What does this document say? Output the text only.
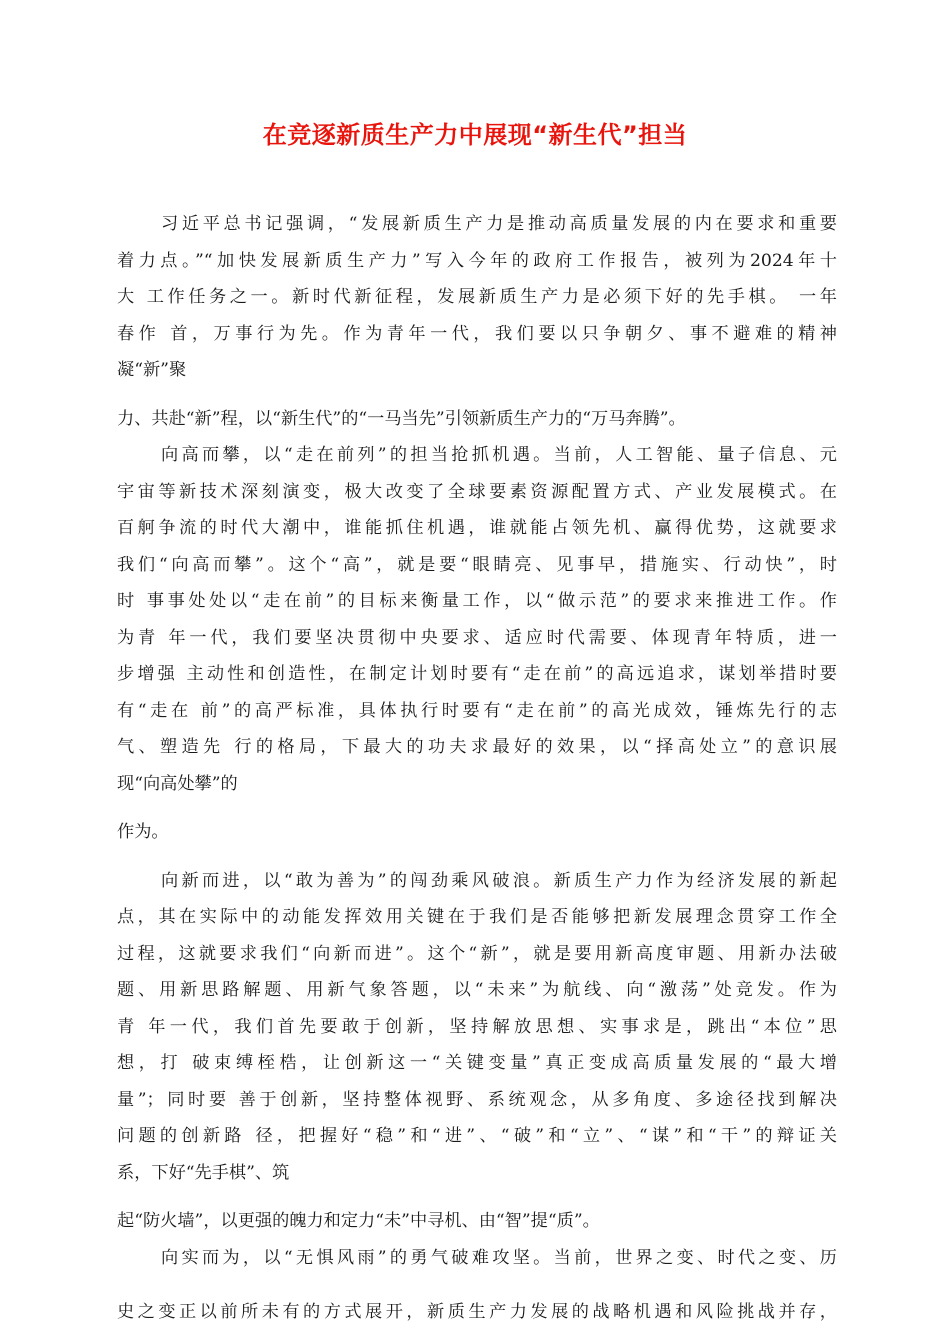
在竞逐新质生产力中展现“新生代”担当
习近平总书记强调，“发展新质生产力是推动高质量发展的内在要求和重要
着力点。”“加快发展新质生产力”写入今年的政府工作报告，被列为2024年十
大 工作任务之一。新时代新征程，发展新质生产力是必须下好的先手棋。 一年
春作 首，万事行为先。作为青年一代，我们要以只争朝夕、事不避难的精神
凝“新”聚
力、共赴“新”程，以“新生代”的“一马当先”引领新质生产力的“万马奔腾”。
向高而攀，以“走在前列”的担当抢抓机遇。当前，人工智能、量子信息、元
宇宙等新技术深刻演变，极大改变了全球要素资源配置方式、产业发展模式。在
百舸争流的时代大潮中，谁能抓住机遇，谁就能占领先机、赢得优势，这就要求
我们“向高而攀”。这个“高”，就是要“眼睛亮、见事早，措施实、行动快”，时
时 事事处处以“走在前”的目标来衡量工作，以“做示范”的要求来推进工作。作
为青 年一代，我们要坚决贯彻中央要求、适应时代需要、体现青年特质，进一
步增强 主动性和创造性，在制定计划时要有“走在前”的高远追求，谋划举措时要
有“走在 前”的高严标准，具体执行时要有“走在前”的高光成效，锤炼先行的志
气、塑造先 行的格局，下最大的功夫求最好的效果，以“择高处立”的意识展
现“向高处攀”的
作为。
向新而进，以“敢为善为”的闯劲乘风破浪。新质生产力作为经济发展的新起
点，其在实际中的动能发挥效用关键在于我们是否能够把新发展理念贯穿工作全
过程，这就要求我们“向新而进”。这个“新”，就是要用新高度审题、用新办法破
题、用新思路解题、用新气象答题，以“未来”为航线、向“激荡”处竞发。作为
青 年一代，我们首先要敢于创新，坚持解放思想、实事求是，跳出“本位”思
想，打 破束缚桎梏，让创新这一“关键变量”真正变成高质量发展的“最大增
量”；同时要 善于创新，坚持整体视野、系统观念，从多角度、多途径找到解决
问题的创新路 径，把握好“稳”和“进”、“破”和“立”、“谋”和“干”的辩证关
系，下好“先手棋”、筑
起“防火墙”，以更强的魄力和定力“未”中寻机、由“智”提“质”。
向实而为，以“无惧风雨”的勇气破难攻坚。当前，世界之变、时代之变、历
史之变正以前所未有的方式展开，新质生产力发展的战略机遇和风险挑战并存，
